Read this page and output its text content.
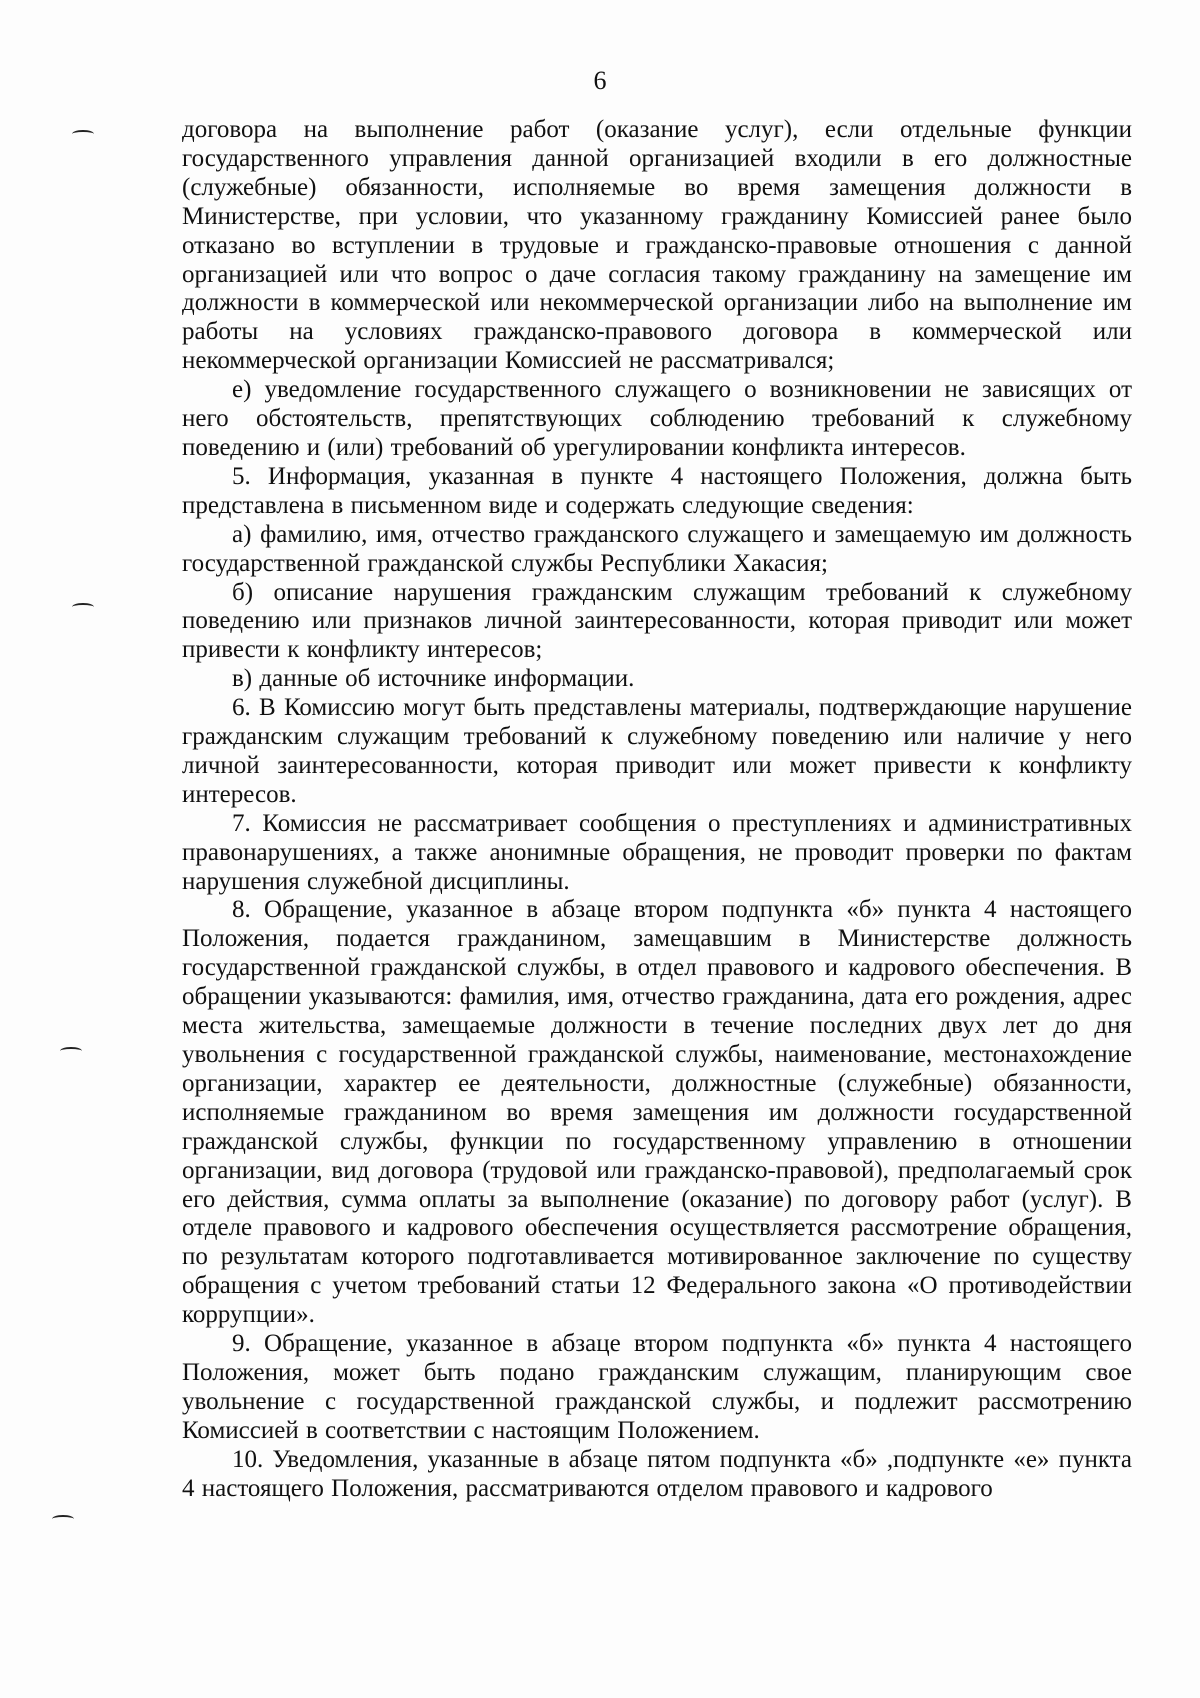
6

договора на выполнение работ (оказание услуг), если отдельные функции государственного управления данной организацией входили в его должностные (служебные) обязанности, исполняемые во время замещения должности в Министерстве, при условии, что указанному гражданину Комиссией ранее было отказано во вступлении в трудовые и гражданско-правовые отношения с данной организацией или что вопрос о даче согласия такому гражданину на замещение им должности в коммерческой или некоммерческой организации либо на выполнение им работы на условиях гражданско-правового договора в коммерческой или некоммерческой организации Комиссией не рассматривался;

е) уведомление государственного служащего о возникновении не зависящих от него обстоятельств, препятствующих соблюдению требований к служебному поведению и (или) требований об урегулировании конфликта интересов.

5. Информация, указанная в пункте 4 настоящего Положения, должна быть представлена в письменном виде и содержать следующие сведения:

а) фамилию, имя, отчество гражданского служащего и замещаемую им должность государственной гражданской службы Республики Хакасия;

б) описание нарушения гражданским служащим требований к служебному поведению или признаков личной заинтересованности, которая приводит или может привести к конфликту интересов;

в) данные об источнике информации.

6. В Комиссию могут быть представлены материалы, подтверждающие нарушение гражданским служащим требований к служебному поведению или наличие у него личной заинтересованности, которая приводит или может привести к конфликту интересов.

7. Комиссия не рассматривает сообщения о преступлениях и административных правонарушениях, а также анонимные обращения, не проводит проверки по фактам нарушения служебной дисциплины.

8. Обращение, указанное в абзаце втором подпункта «б» пункта 4 настоящего Положения, подается гражданином, замещавшим в Министерстве должность государственной гражданской службы, в отдел правового и кадрового обеспечения. В обращении указываются: фамилия, имя, отчество гражданина, дата его рождения, адрес места жительства, замещаемые должности в течение последних двух лет до дня увольнения с государственной гражданской службы, наименование, местонахождение организации, характер ее деятельности, должностные (служебные) обязанности, исполняемые гражданином во время замещения им должности государственной гражданской службы, функции по государственному управлению в отношении организации, вид договора (трудовой или гражданско-правовой), предполагаемый срок его действия, сумма оплаты за выполнение (оказание) по договору работ (услуг). В отделе правового и кадрового обеспечения осуществляется рассмотрение обращения, по результатам которого подготавливается мотивированное заключение по существу обращения с учетом требований статьи 12 Федерального закона «О противодействии коррупции».

9. Обращение, указанное в абзаце втором подпункта «б» пункта 4 настоящего Положения, может быть подано гражданским служащим, планирующим свое увольнение с государственной гражданской службы, и подлежит рассмотрению Комиссией в соответствии с настоящим Положением.

10. Уведомления, указанные в абзаце пятом подпункта «б» ,подпункте «е» пункта 4 настоящего Положения, рассматриваются отделом правового и кадрового
